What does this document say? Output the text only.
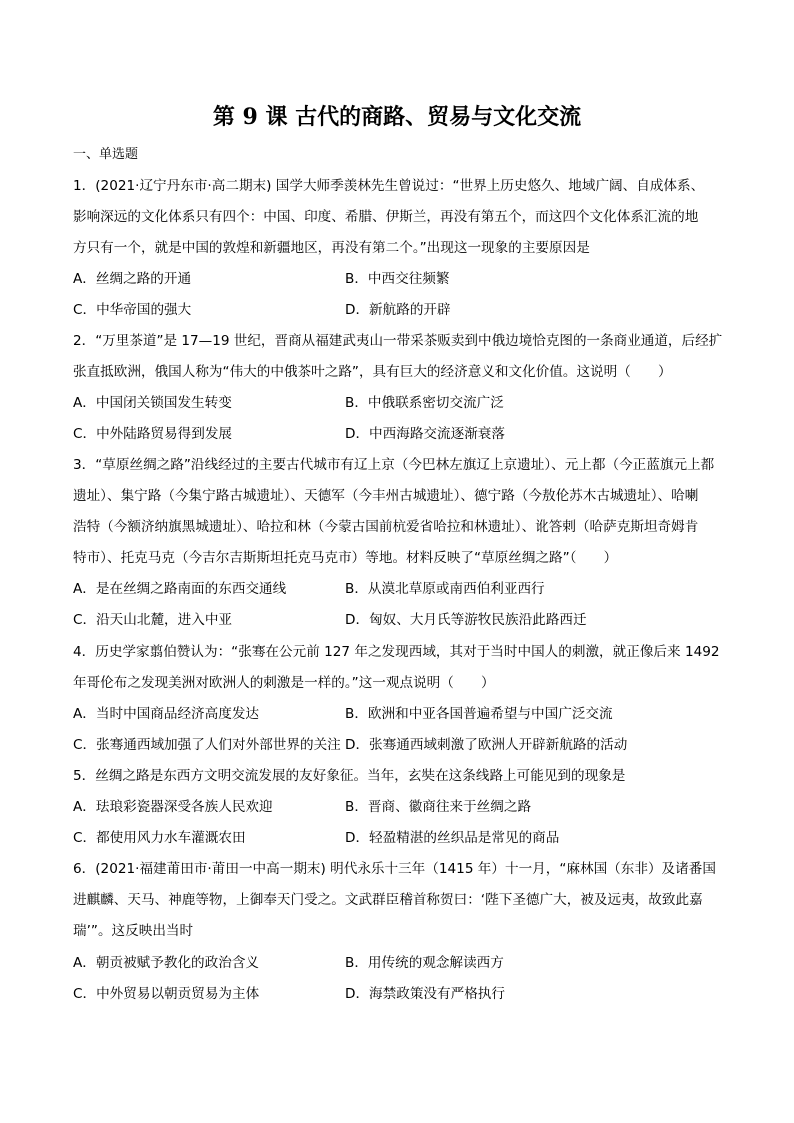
第 9 课 古代的商路、贸易与文化交流
一、单选题
1．(2021·辽宁丹东市·高二期末) 国学大师季羡林先生曾说过：“世界上历史悠久、地域广阔、自成体系、
影响深远的文化体系只有四个：中国、印度、希腊、伊斯兰，再没有第五个，而这四个文化体系汇流的地
方只有一个，就是中国的敦煌和新疆地区，再没有第二个。”出现这一现象的主要原因是
A．丝绸之路的开通	B．中西交往频繁
C．中华帝国的强大	D．新航路的开辟
2．“万里茶道”是 17—19 世纪，晋商从福建武夷山一带采茶贩卖到中俄边境恰克图的一条商业通道，后经扩
张直抵欧洲，俄国人称为“伟大的中俄茶叶之路”，具有巨大的经济意义和文化价值。这说明（　　）
A．中国闭关锁国发生转变	B．中俄联系密切交流广泛
C．中外陆路贸易得到发展	D．中西海路交流逐渐衰落
3．“草原丝绸之路”沿线经过的主要古代城市有辽上京（今巴林左旗辽上京遗址）、元上都（今正蓝旗元上都
遗址）、集宁路（今集宁路古城遗址）、天德军（今丰州古城遗址）、德宁路（今敖伦苏木古城遗址）、哈喇
浩特（今额济纳旗黑城遗址）、哈拉和林（今蒙古国前杭爱省哈拉和林遗址）、讹答剌（哈萨克斯坦奇姆肯
特市）、托克马克（今吉尔吉斯斯坦托克马克市）等地。材料反映了“草原丝绸之路”（　　）
A．是在丝绸之路南面的东西交通线	B．从漠北草原或南西伯利亚西行
C．沿天山北麓，进入中亚	D．匈奴、大月氏等游牧民族沿此路西迁
4．历史学家翦伯赞认为：“张骞在公元前 127 年之发现西域，其对于当时中国人的刺激，就正像后来 1492
年哥伦布之发现美洲对欧洲人的刺激是一样的。”这一观点说明（　　）
A．当时中国商品经济高度发达	B．欧洲和中亚各国普遍希望与中国广泛交流
C．张骞通西域加强了人们对外部世界的关注 D．张骞通西域刺激了欧洲人开辟新航路的活动
5．丝绸之路是东西方文明交流发展的友好象征。当年，玄奘在这条线路上可能见到的现象是
A．珐琅彩瓷器深受各族人民欢迎	B．晋商、徽商往来于丝绸之路
C．都使用风力水车灌溉农田	D．轻盈精湛的丝织品是常见的商品
6．(2021·福建莆田市·莆田一中高一期末) 明代永乐十三年（1415 年）十一月，“麻林国（东非）及诸番国
进麒麟、天马、神鹿等物，上御奉天门受之。文武群臣稽首称贺曰：‘陛下圣德广大，被及远夷，故致此嘉
瑞’”。这反映出当时
A．朝贡被赋予教化的政治含义	B．用传统的观念解读西方
C．中外贸易以朝贡贸易为主体	D．海禁政策没有严格执行
